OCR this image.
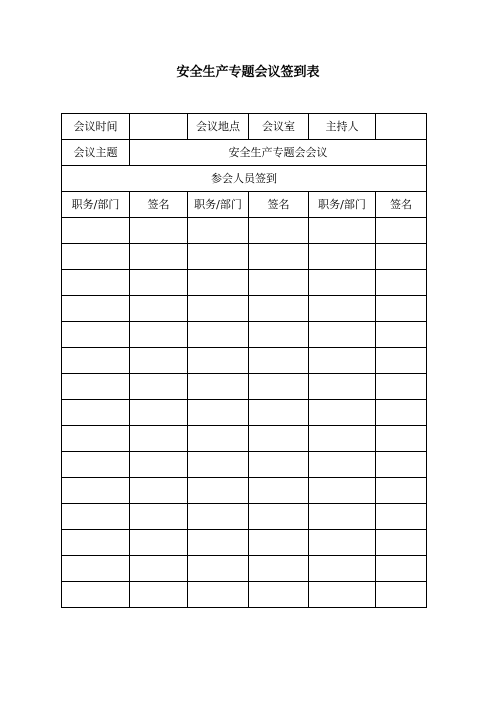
安全生产专题会议签到表
会议时间		会议地点	会议室	主持人	
会议主题	安全生产专题会会议				
参会人员签到					
职务/部门	签名	职务/部门	签名	职务/部门	签名
